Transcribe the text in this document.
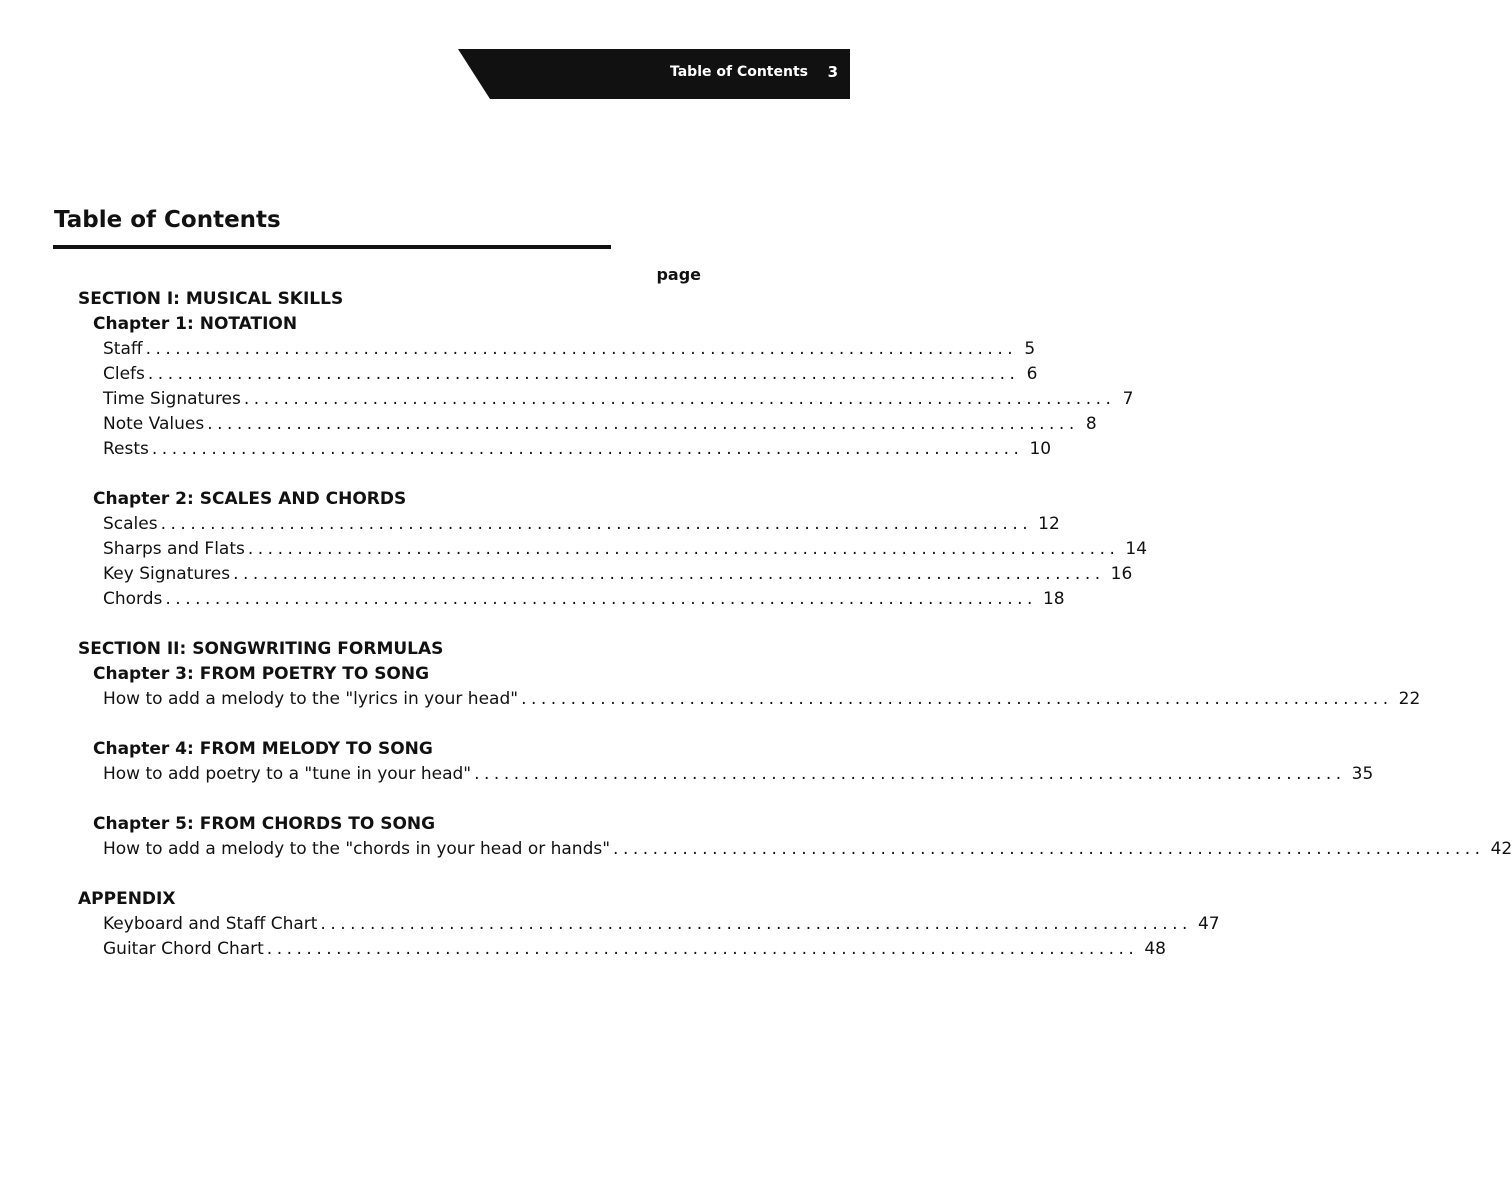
Table of Contents 3
Table of Contents
page
SECTION I: MUSICAL SKILLS
Chapter 1: NOTATION
Staff ........................................................................................ 5
Clefs ........................................................................................ 6
Time Signatures ........................................................................................ 7
Note Values ........................................................................................ 8
Rests ........................................................................................ 10
Chapter 2: SCALES AND CHORDS
Scales ........................................................................................ 12
Sharps and Flats ........................................................................................ 14
Key Signatures ........................................................................................ 16
Chords ........................................................................................ 18
SECTION II: SONGWRITING FORMULAS
Chapter 3: FROM POETRY TO SONG
How to add a melody to the "lyrics in your head" ........................................................................................ 22
Chapter 4: FROM MELODY TO SONG
How to add poetry to a "tune in your head" ........................................................................................ 35
Chapter 5: FROM CHORDS TO SONG
How to add a melody to the "chords in your head or hands" ........................................................................................ 42
APPENDIX
Keyboard and Staff Chart ........................................................................................ 47
Guitar Chord Chart ........................................................................................ 48
